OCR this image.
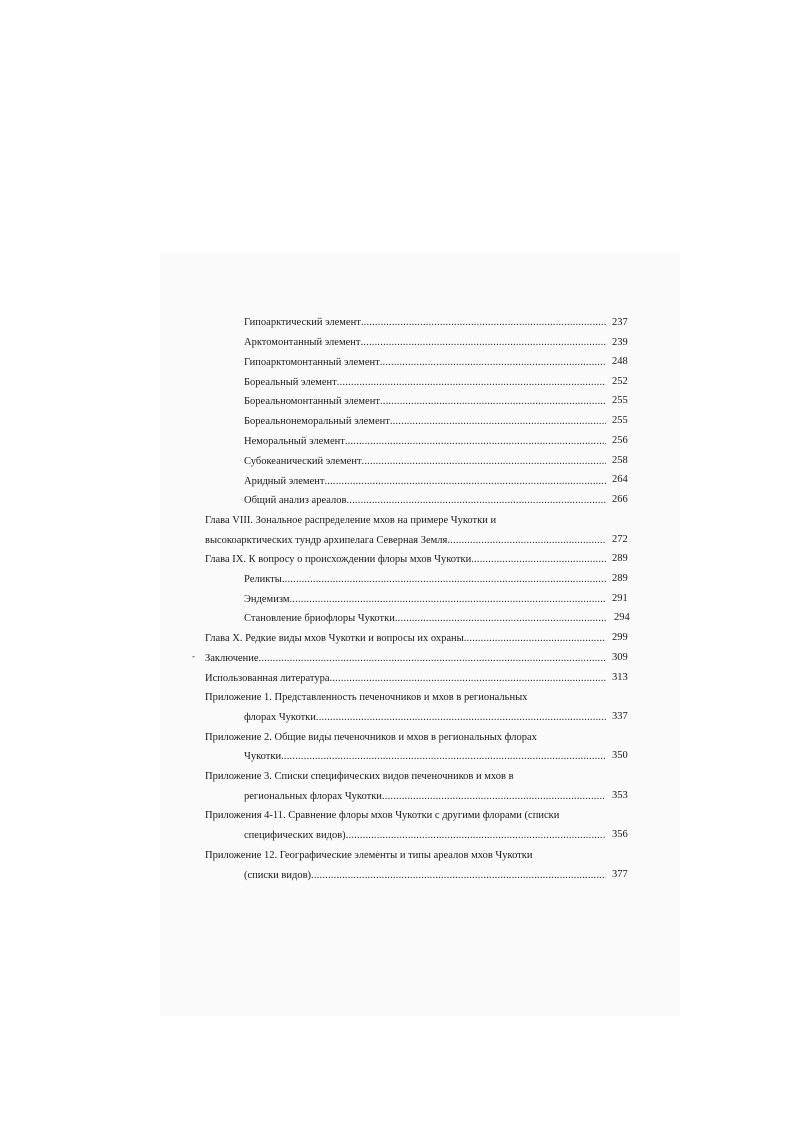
Гипоарктический элемент .....	237
Арктомонтанный элемент .....	239
Гипоарктомонтанный элемент .....	248
Бореальный элемент .....	252
Бореальномонтанный элемент .....	255
Бореальнонеморальный элемент .....	255
Неморальный элемент .....	256
Субокеанический элемент .....	258
Аридный элемент .....	264
Общий анализ ареалов .....	266
Глава VIII. Зональное распределение мхов на примере Чукотки и
высокоарктических тундр архипелага Северная Земля .....	272
Глава IX. К вопросу о происхождении флоры мхов Чукотки .....	289
Реликты .....	289
Эндемизм .....	291
Становление бриофлоры Чукотки .....	294
Глава X. Редкие виды мхов Чукотки и вопросы их охраны .....	299
- Заключение .....	309
Использованная литература .....	313
Приложение 1. Представленность печеночников и мхов в региональных
флорах Чукотки .....	337
Приложение 2. Общие виды печеночников и мхов в региональных флорах
Чукотки .....	350
Приложение 3. Списки специфических видов печеночников и мхов в
региональных флорах Чукотки .....	353
Приложения 4-11. Сравнение флоры мхов Чукотки с другими флорами (списки
специфических видов) .....	356
Приложение 12. Географические элементы и типы ареалов мхов Чукотки
(списки видов) .....	377
